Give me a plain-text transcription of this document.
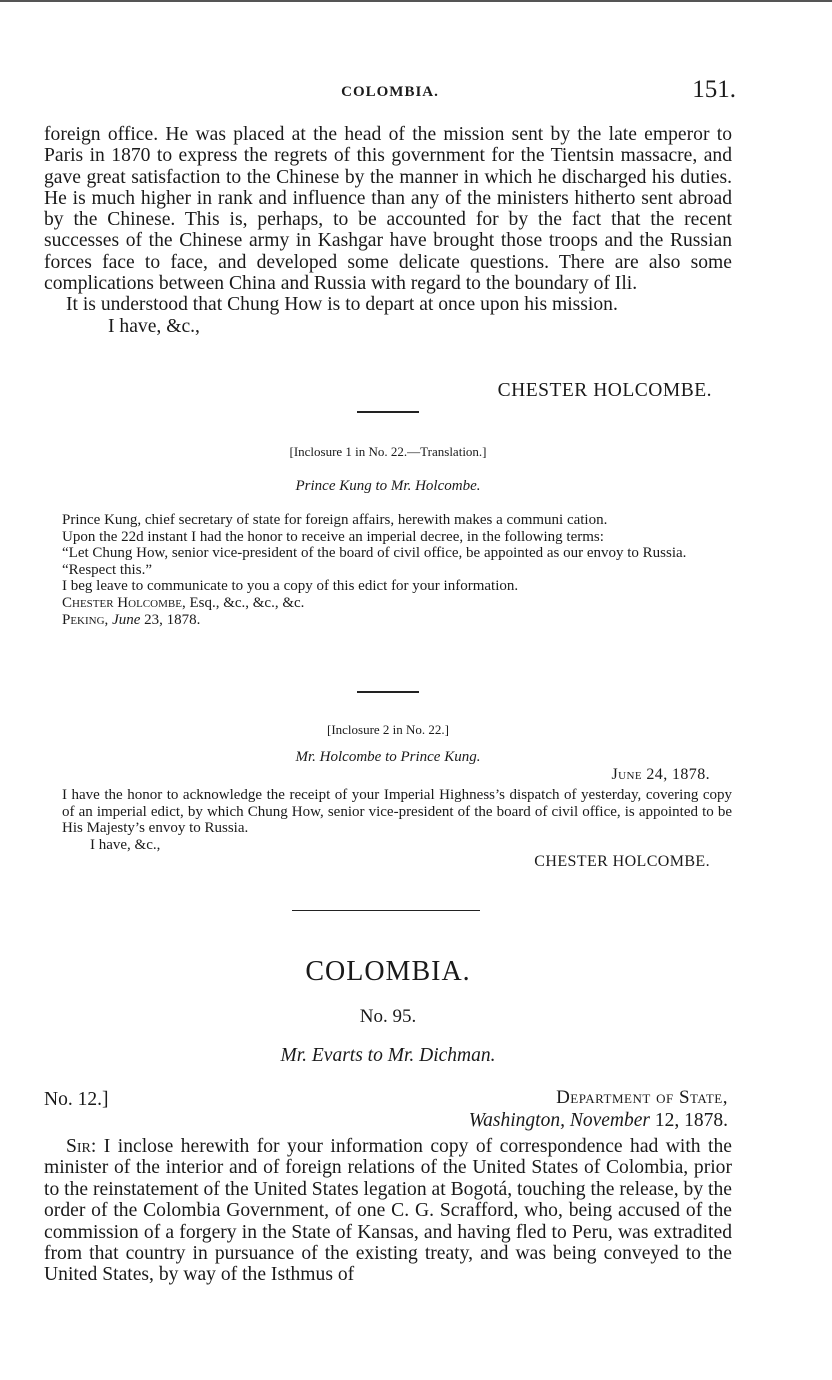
COLOMBIA.	151.

foreign office. He was placed at the head of the mission sent by the late emperor to Paris in 1870 to express the regrets of this government for the Tientsin massacre, and gave great satisfaction to the Chinese by the manner in which he discharged his duties. He is much higher in rank and influence than any of the ministers hitherto sent abroad by the Chinese. This is, perhaps, to be accounted for by the fact that the recent successes of the Chinese army in Kashgar have brought those troops and the Russian forces face to face, and developed some delicate questions. There are also some complications between China and Russia with regard to the boundary of Ili.

It is understood that Chung How is to depart at once upon his mission.

I have, &c.,

CHESTER HOLCOMBE.
[Inclosure 1 in No. 22.—Translation.]
Prince Kung to Mr. Holcombe.

Prince Kung, chief secretary of state for foreign affairs, herewith makes a communi cation.

Upon the 22d instant I had the honor to receive an imperial decree, in the following terms:

“Let Chung How, senior vice-president of the board of civil office, be appointed as our envoy to Russia.

“Respect this.”

I beg leave to communicate to you a copy of this edict for your information.

Chester Holcombe, Esq., &c., &c., &c.

Peking, June 23, 1878.

[Inclosure 2 in No. 22.]
Mr. Holcombe to Prince Kung.
June 24, 1878.

I have the honor to acknowledge the receipt of your Imperial Highness’s dispatch of yesterday, covering copy of an imperial edict, by which Chung How, senior vice-president of the board of civil office, is appointed to be His Majesty’s envoy to Russia.

I have, &c.,

CHESTER HOLCOMBE.
COLOMBIA.
No. 95.
Mr. Evarts to Mr. Dichman.
No. 12.]	Department of State,
Washington, November 12, 1878.

Sir: I inclose herewith for your information copy of correspondence had with the minister of the interior and of foreign relations of the United States of Colombia, prior to the reinstatement of the United States legation at Bogotá, touching the release, by the order of the Colombia Government, of one C. G. Scrafford, who, being accused of the commission of a forgery in the State of Kansas, and having fled to Peru, was extradited from that country in pursuance of the existing treaty, and was being conveyed to the United States, by way of the Isthmus of
